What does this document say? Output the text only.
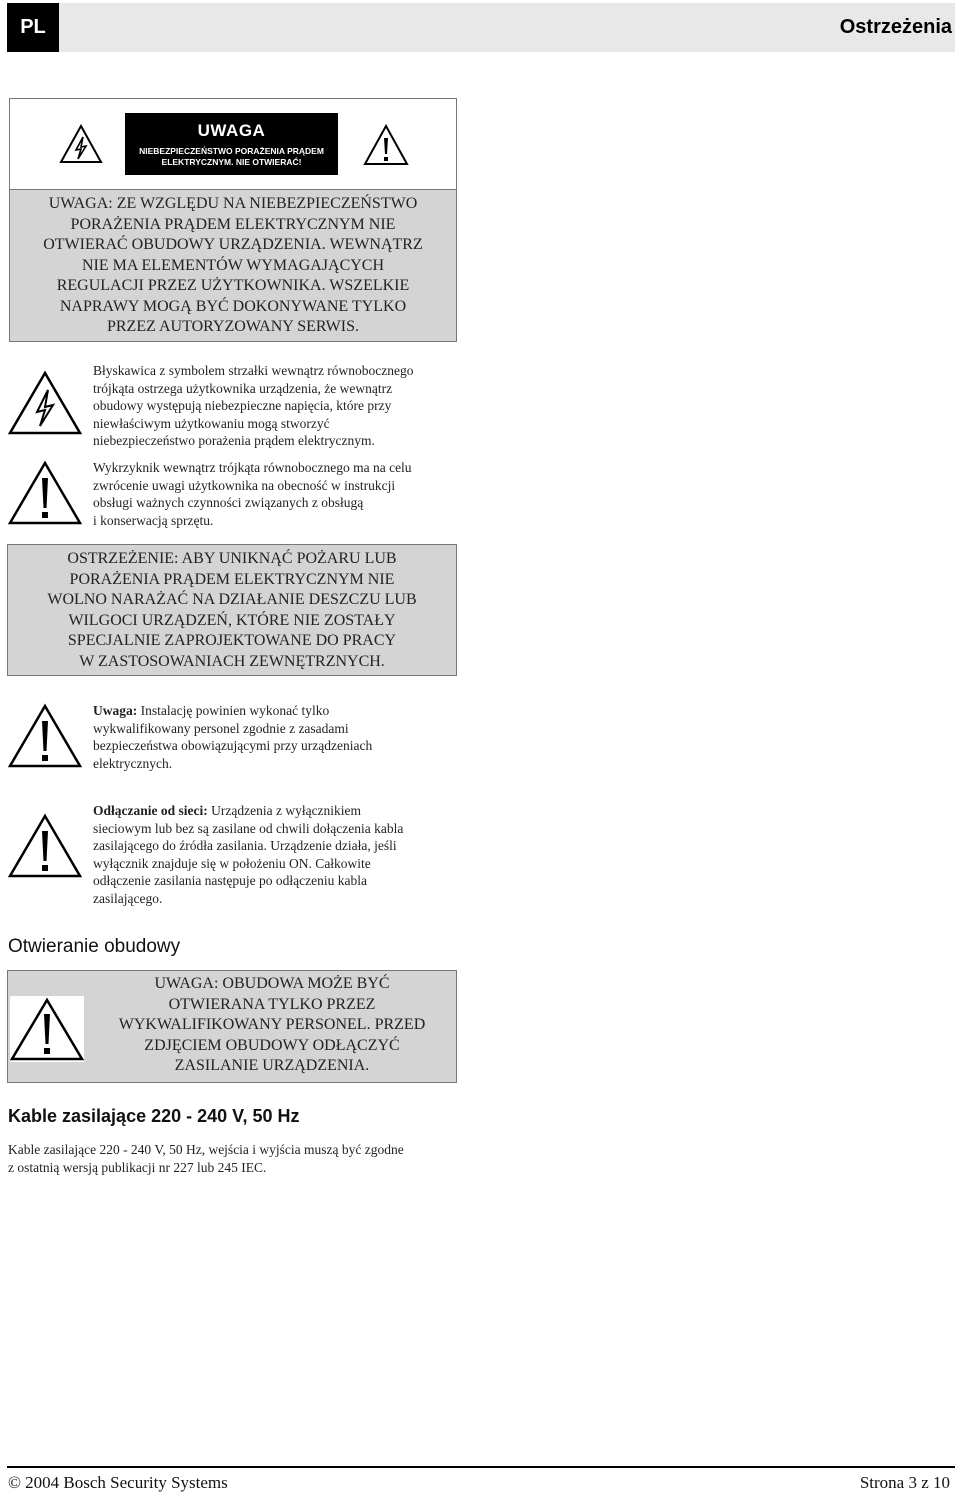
PL	Ostrzeżenia
UWAGA
NIEBEZPIECZEŃSTWO PORAŻENIA PRĄDEM
ELEKTRYCZNYM. NIE OTWIERAĆ!
UWAGA: ZE WZGLĘDU NA NIEBEZPIECZEŃSTWO
PORAŻENIA PRĄDEM ELEKTRYCZNYM NIE
OTWIERAĆ OBUDOWY URZĄDZENIA. WEWNĄTRZ
NIE MA ELEMENTÓW WYMAGAJĄCYCH
REGULACJI PRZEZ UŻYTKOWNIKA. WSZELKIE
NAPRAWY MOGĄ BYĆ DOKONYWANE TYLKO
PRZEZ AUTORYZOWANY SERWIS.
Błyskawica z symbolem strzałki wewnątrz równobocznego
trójkąta ostrzega użytkownika urządzenia, że wewnątrz
obudowy występują niebezpieczne napięcia, które przy
niewłaściwym użytkowaniu mogą stworzyć
niebezpieczeństwo porażenia prądem elektrycznym.
Wykrzyknik wewnątrz trójkąta równobocznego ma na celu
zwrócenie uwagi użytkownika na obecność w instrukcji
obsługi ważnych czynności związanych z obsługą
i konserwacją sprzętu.
OSTRZEŻENIE: ABY UNIKNĄĆ POŻARU LUB
PORAŻENIA PRĄDEM ELEKTRYCZNYM NIE
WOLNO NARAŻAĆ NA DZIAŁANIE DESZCZU LUB
WILGOCI URZĄDZEŃ, KTÓRE NIE ZOSTAŁY
SPECJALNIE ZAPROJEKTOWANE DO PRACY
W ZASTOSOWANIACH ZEWNĘTRZNYCH.
Uwaga: Instalację powinien wykonać tylko
wykwalifikowany personel zgodnie z zasadami
bezpieczeństwa obowiązującymi przy urządzeniach
elektrycznych.
Odłączanie od sieci: Urządzenia z wyłącznikiem
sieciowym lub bez są zasilane od chwili dołączenia kabla
zasilającego do źródła zasilania. Urządzenie działa, jeśli
wyłącznik znajduje się w położeniu ON. Całkowite
odłączenie zasilania następuje po odłączeniu kabla
zasilającego.
Otwieranie obudowy
UWAGA: OBUDOWA MOŻE BYĆ
OTWIERANA TYLKO PRZEZ
WYKWALIFIKOWANY PERSONEL. PRZED
ZDJĘCIEM OBUDOWY ODŁĄCZYĆ
ZASILANIE URZĄDZENIA.
Kable zasilające 220 - 240 V, 50 Hz
Kable zasilające 220 - 240 V, 50 Hz, wejścia i wyjścia muszą być zgodne
z ostatnią wersją publikacji nr 227 lub 245 IEC.
© 2004 Bosch Security Systems	Strona 3 z 10
